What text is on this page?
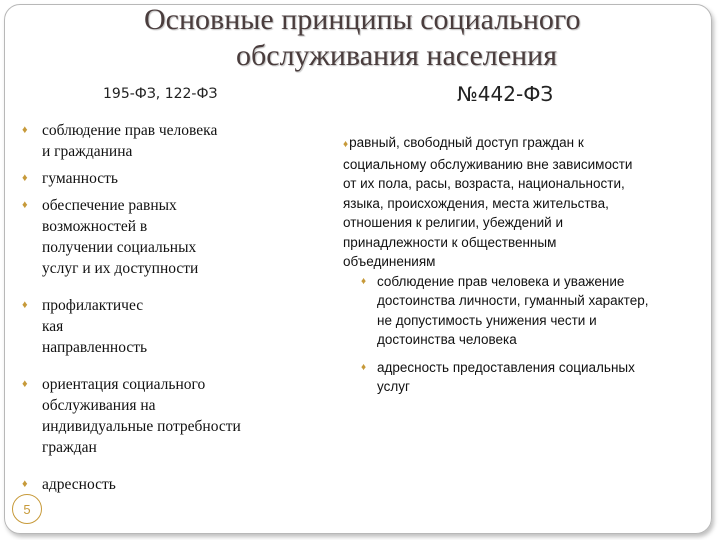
Основные принципы социального
обслуживания населения
195-ФЗ, 122-ФЗ	№442-ФЗ
♦ соблюдение прав человека
и гражданина
♦ гуманность
♦ обеспечение равных
возможностей в
получении социальных
услуг и их доступности
♦ профилактичес
кая
направленность
♦ ориентация социального
обслуживания на
индивидуальные потребности
граждан
♦ адресность
♦равный, свободный доступ граждан к
социальному обслуживанию вне зависимости
от их пола, расы, возраста, национальности,
языка, происхождения, места жительства,
отношения к религии, убеждений и
принадлежности к общественным
объединениям
♦ соблюдение прав человека и уважение
достоинства личности, гуманный характер,
не допустимость унижения чести и
достоинства человека
♦ адресность предоставления социальных
услуг
5
